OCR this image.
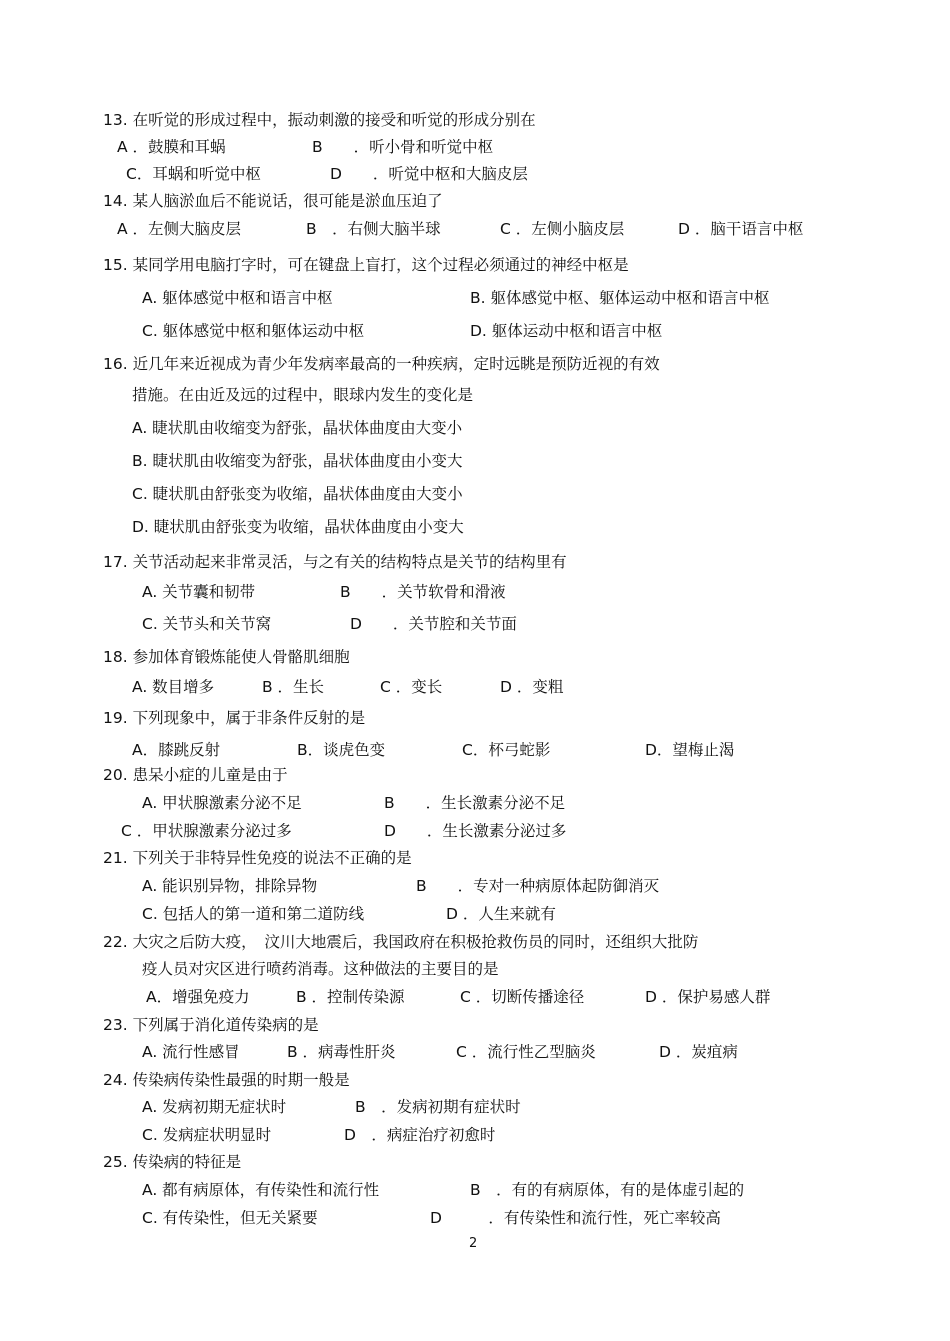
13. 在听觉的形成过程中，振动刺激的接受和听觉的形成分别在
A ．鼓膜和耳蜗	B　　．听小骨和听觉中枢
C．耳蜗和听觉中枢	D　　．听觉中枢和大脑皮层
14. 某人脑淤血后不能说话，很可能是淤血压迫了
A ．左侧大脑皮层	B　．右侧大脑半球	C ．左侧小脑皮层	D ．脑干语言中枢
15. 某同学用电脑打字时，可在键盘上盲打，这个过程必须通过的神经中枢是
A. 躯体感觉中枢和语言中枢	B. 躯体感觉中枢、躯体运动中枢和语言中枢
C. 躯体感觉中枢和躯体运动中枢	D. 躯体运动中枢和语言中枢
16. 近几年来近视成为青少年发病率最高的一种疾病，定时远眺是预防近视的有效
措施。在由近及远的过程中，眼球内发生的变化是
A. 睫状肌由收缩变为舒张，晶状体曲度由大变小
B. 睫状肌由收缩变为舒张，晶状体曲度由小变大
C. 睫状肌由舒张变为收缩，晶状体曲度由大变小
D. 睫状肌由舒张变为收缩，晶状体曲度由小变大
17. 关节活动起来非常灵活，与之有关的结构特点是关节的结构里有
A. 关节囊和韧带	B　　．关节软骨和滑液
C. 关节头和关节窝	D　　．关节腔和关节面
18. 参加体育锻炼能使人骨骼肌细胞
A. 数目增多	B ．生长	C ．变长	D ．变粗
19. 下列现象中，属于非条件反射的是
A．膝跳反射	B．谈虎色变	C．杯弓蛇影	D．望梅止渴
20. 患呆小症的儿童是由于
A. 甲状腺激素分泌不足	B　　．生长激素分泌不足
C ．甲状腺激素分泌过多	D　　．生长激素分泌过多
21. 下列关于非特异性免疫的说法不正确的是
A. 能识别异物，排除异物	B　　．专对一种病原体起防御消灭
C. 包括人的第一道和第二道防线	D ．人生来就有
22. 大灾之后防大疫，　汶川大地震后，我国政府在积极抢救伤员的同时，还组织大批防
疫人员对灾区进行喷药消毒。这种做法的主要目的是
A．增强免疫力	B ．控制传染源	C ．切断传播途径	D ．保护易感人群
23. 下列属于消化道传染病的是
A. 流行性感冒	B ．病毒性肝炎	C ．流行性乙型脑炎	D ．炭疽病
24. 传染病传染性最强的时期一般是
A. 发病初期无症状时	B　．发病初期有症状时
C. 发病症状明显时	D　．病症治疗初愈时
25. 传染病的特征是
A. 都有病原体，有传染性和流行性	B　．有的有病原体，有的是体虚引起的
C. 有传染性，但无关紧要	D　　　．有传染性和流行性，死亡率较高
2
